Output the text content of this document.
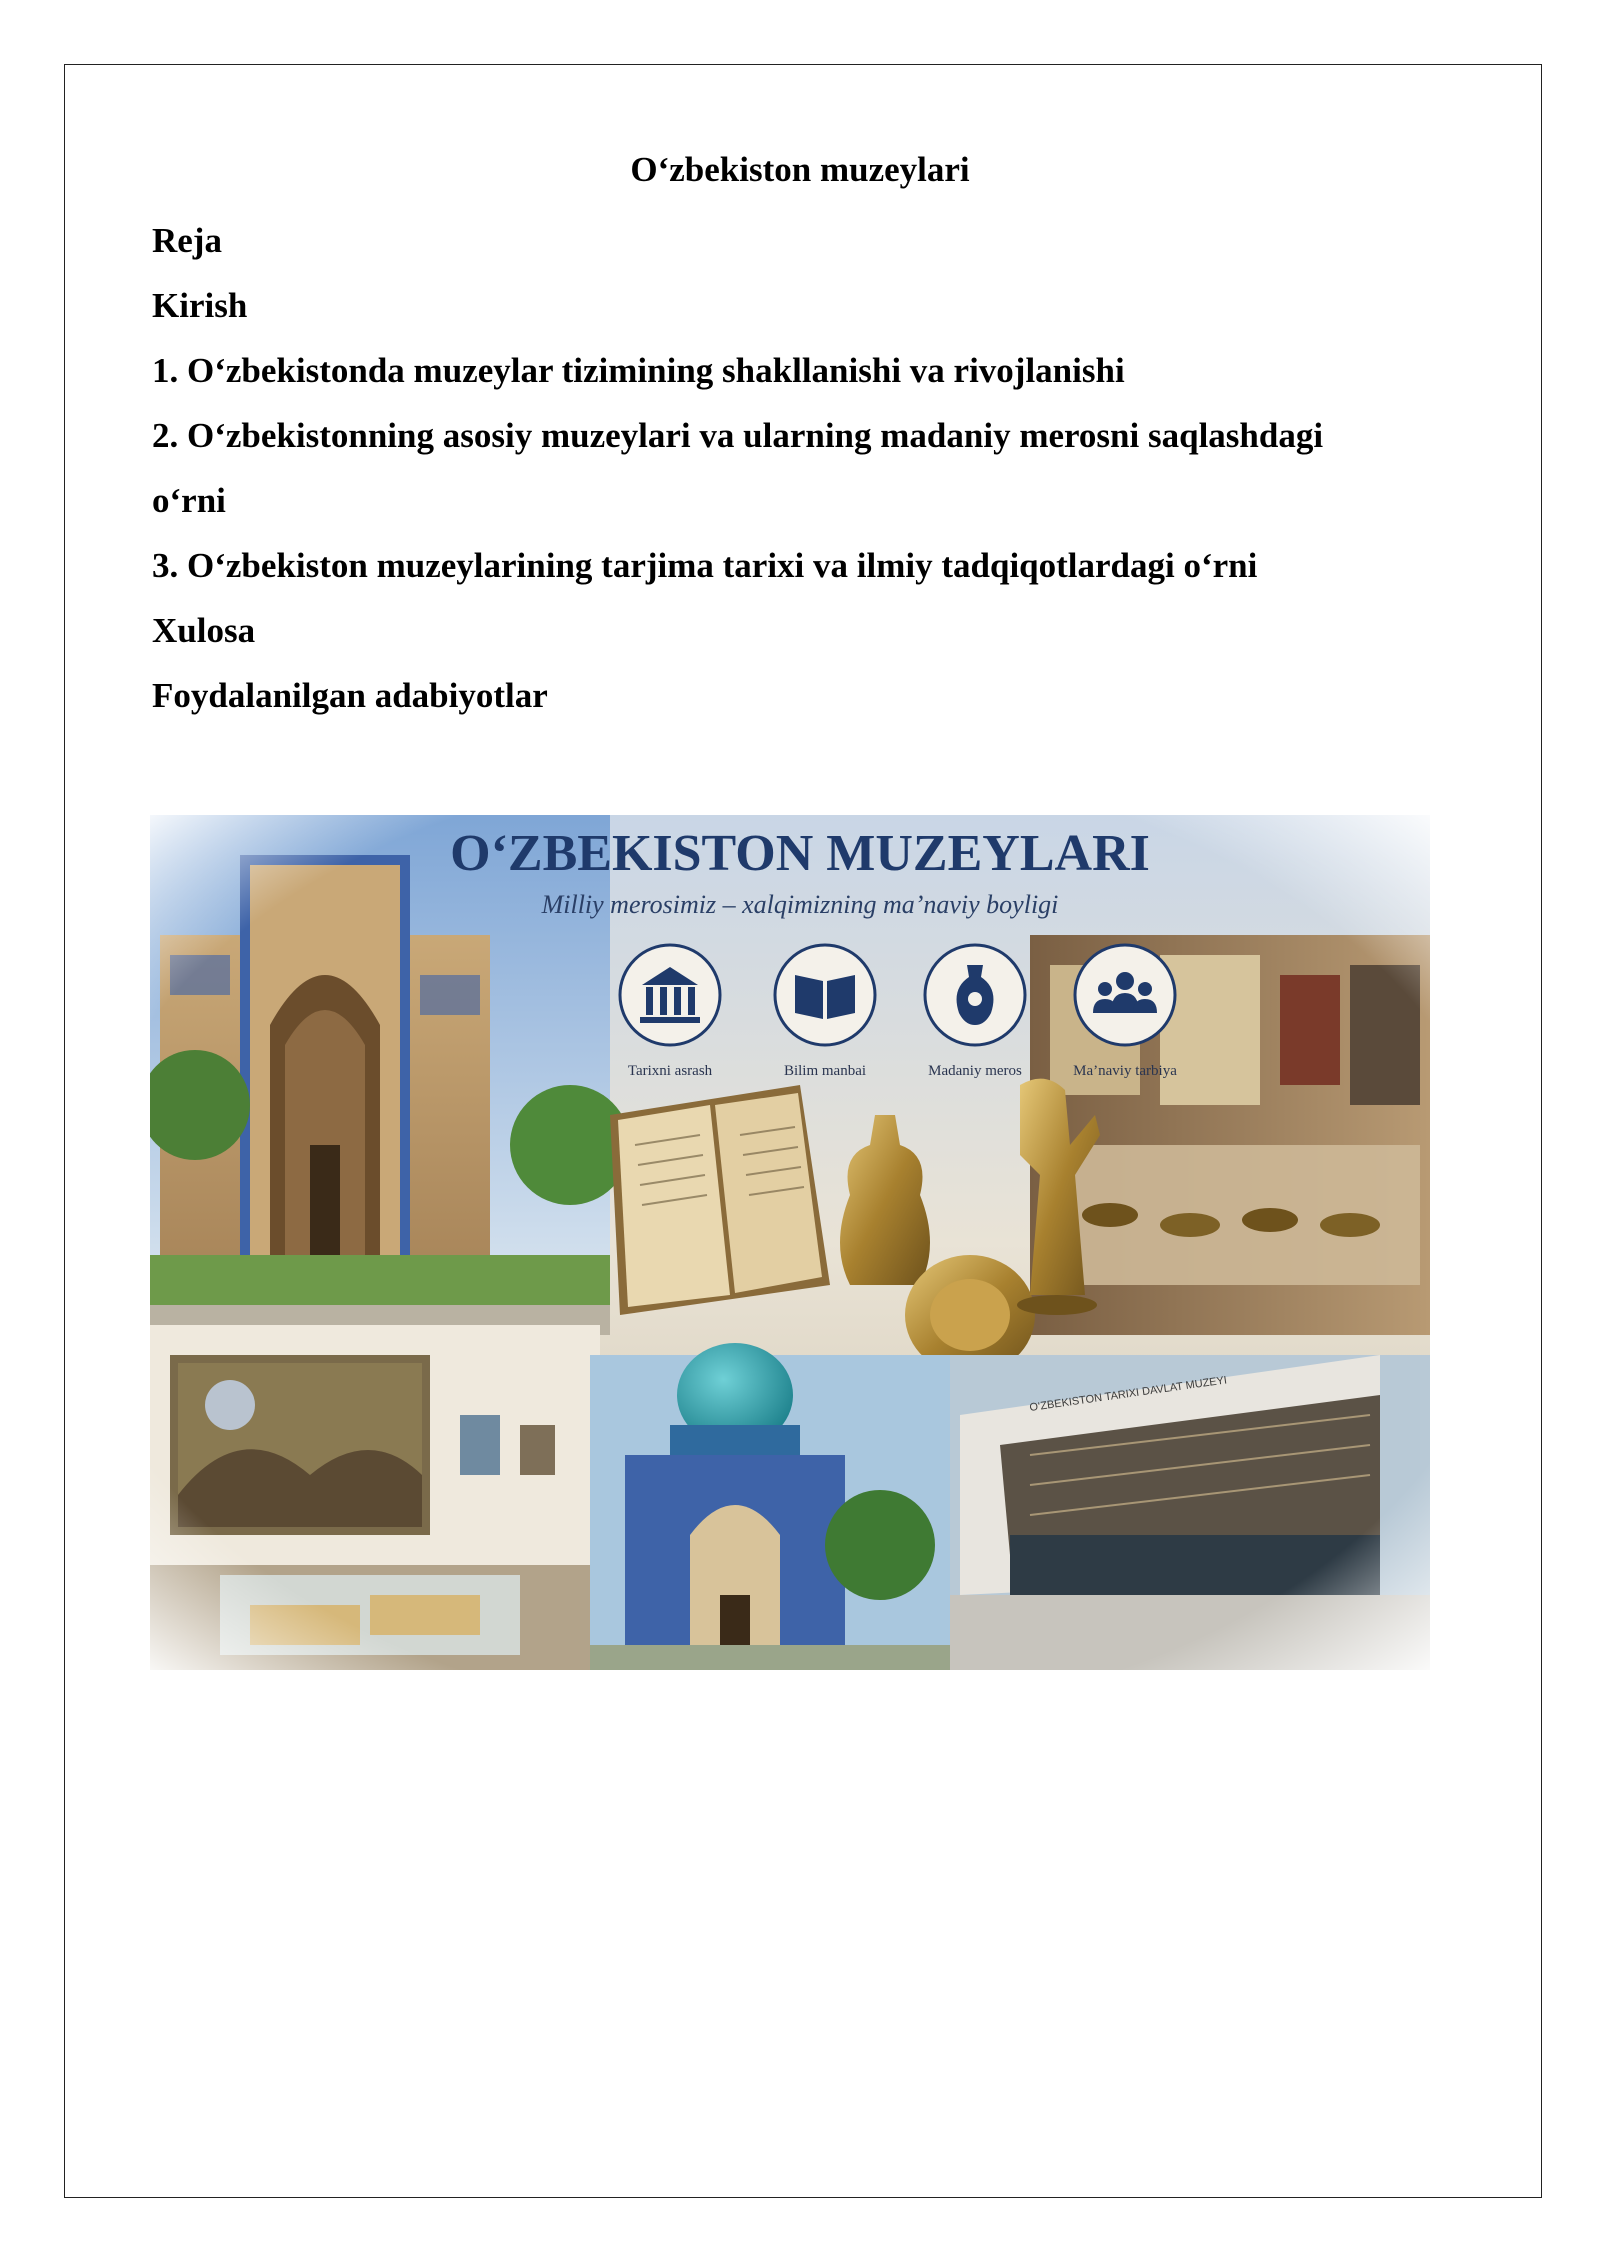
O‘zbekiston muzeylari
Reja
Kirish
1. O‘zbekistonda muzeylar tizimining shakllanishi va rivojlanishi
2. O‘zbekistonning asosiy muzeylari va ularning madaniy merosni saqlashdagi
o‘rni
3. O‘zbekiston muzeylarining tarjima tarixi va ilmiy tadqiqotlardagi o‘rni
Xulosa
Foydalanilgan adabiyotlar
